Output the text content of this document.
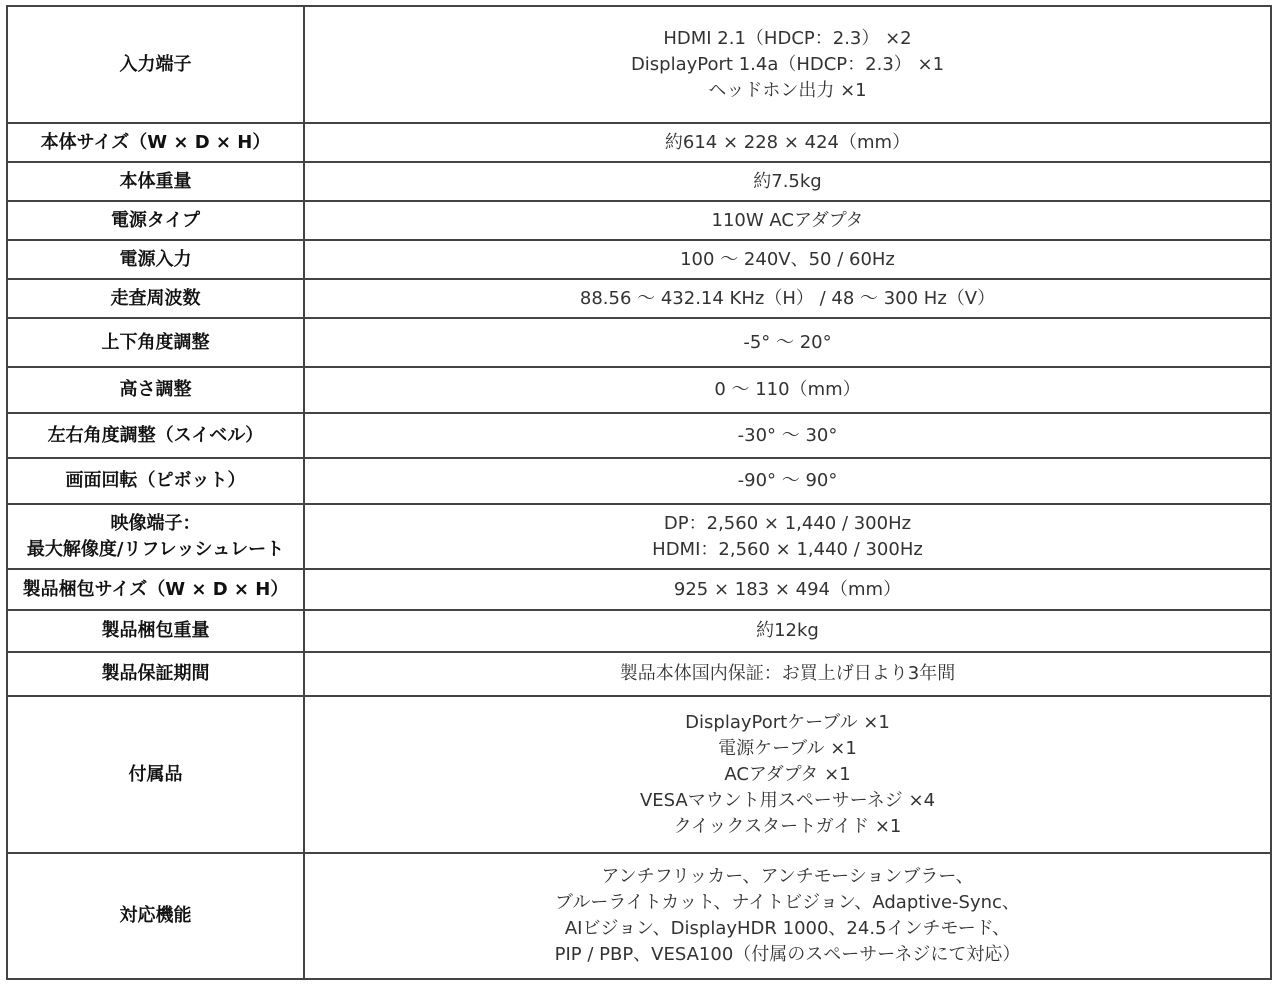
入力端子	HDMI 2.1（HDCP：2.3） ×2
DisplayPort 1.4a（HDCP：2.3） ×1
ヘッドホン出力 ×1

本体サイズ（W × D × H）	約614 × 228 × 424（mm）

本体重量	約7.5kg

電源タイプ	110W ACアダプタ

電源入力	100 ～ 240V、50 / 60Hz

走査周波数	88.56 ～ 432.14 KHz（H） / 48 ～ 300 Hz（V）

上下角度調整	-5° ～ 20°

高さ調整	0 ～ 110（mm）

左右角度調整（スイベル）	-30° ～ 30°

画面回転（ピボット）	-90° ～ 90°

映像端子：
最大解像度/リフレッシュレート	DP：2,560 × 1,440 / 300Hz
HDMI：2,560 × 1,440 / 300Hz

製品梱包サイズ（W × D × H）	925 × 183 × 494（mm）

製品梱包重量	約12kg

製品保証期間	製品本体国内保証：お買上げ日より3年間

付属品	DisplayPortケーブル ×1
電源ケーブル ×1
ACアダプタ ×1
VESAマウント用スペーサーネジ ×4
クイックスタートガイド ×1

対応機能	アンチフリッカー、アンチモーションブラー、
ブルーライトカット、ナイトビジョン、Adaptive-Sync、
AIビジョン、DisplayHDR 1000、24.5インチモード、
PIP / PBP、VESA100（付属のスペーサーネジにて対応）
